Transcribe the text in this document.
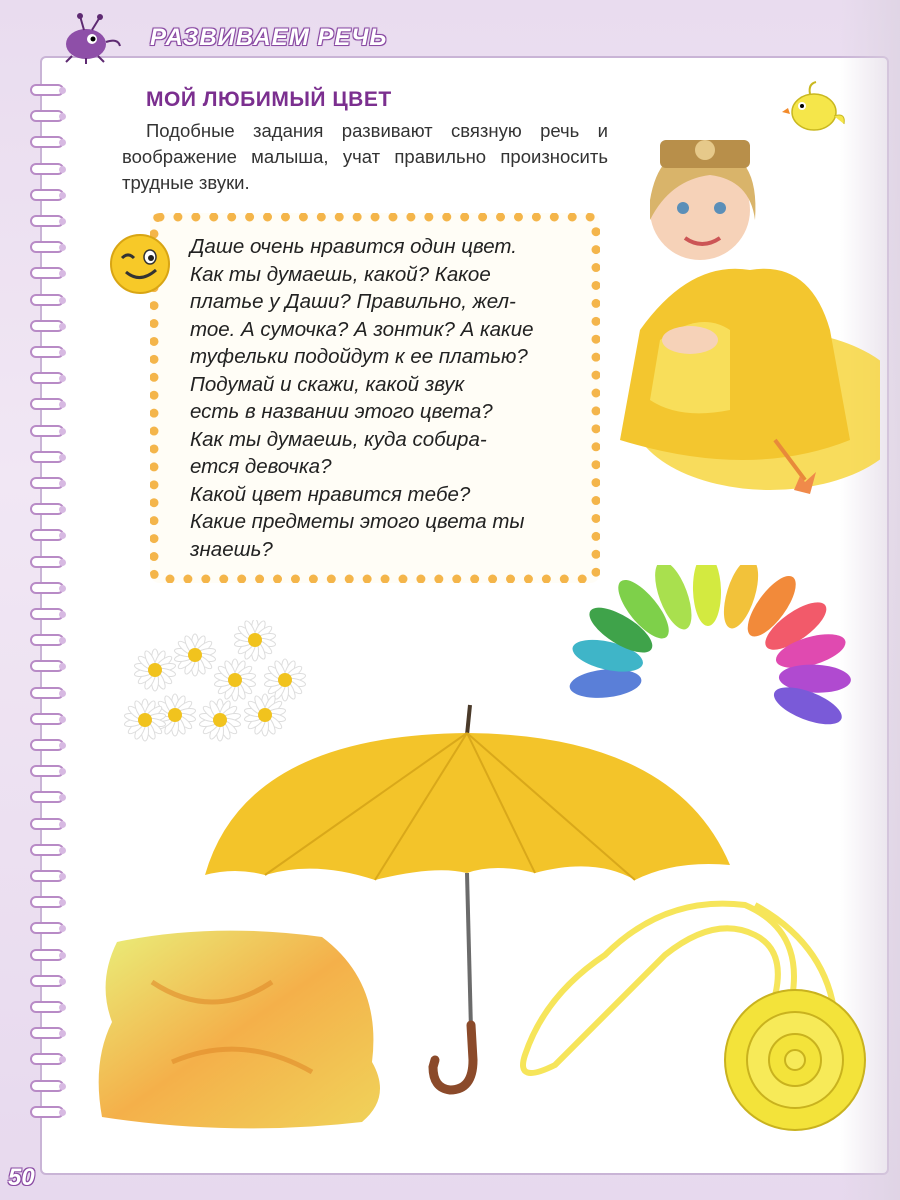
РАЗВИВАЕМ РЕЧЬ
МОЙ ЛЮБИМЫЙ ЦВЕТ
Подобные задания развивают связную речь и воображение малыша, учат правильно произносить трудные звуки.
Даше очень нравится один цвет.
Как ты думаешь, какой? Какое
платье у Даши? Правильно, жел-
тое. А сумочка? А зонтик? А какие
туфельки подойдут к ее платью?
Подумай и скажи, какой звук
есть в названии этого цвета?
Как ты думаешь, куда собира-
ется девочка?
Какой цвет нравится тебе?
Какие предметы этого цвета ты
знаешь?
50
